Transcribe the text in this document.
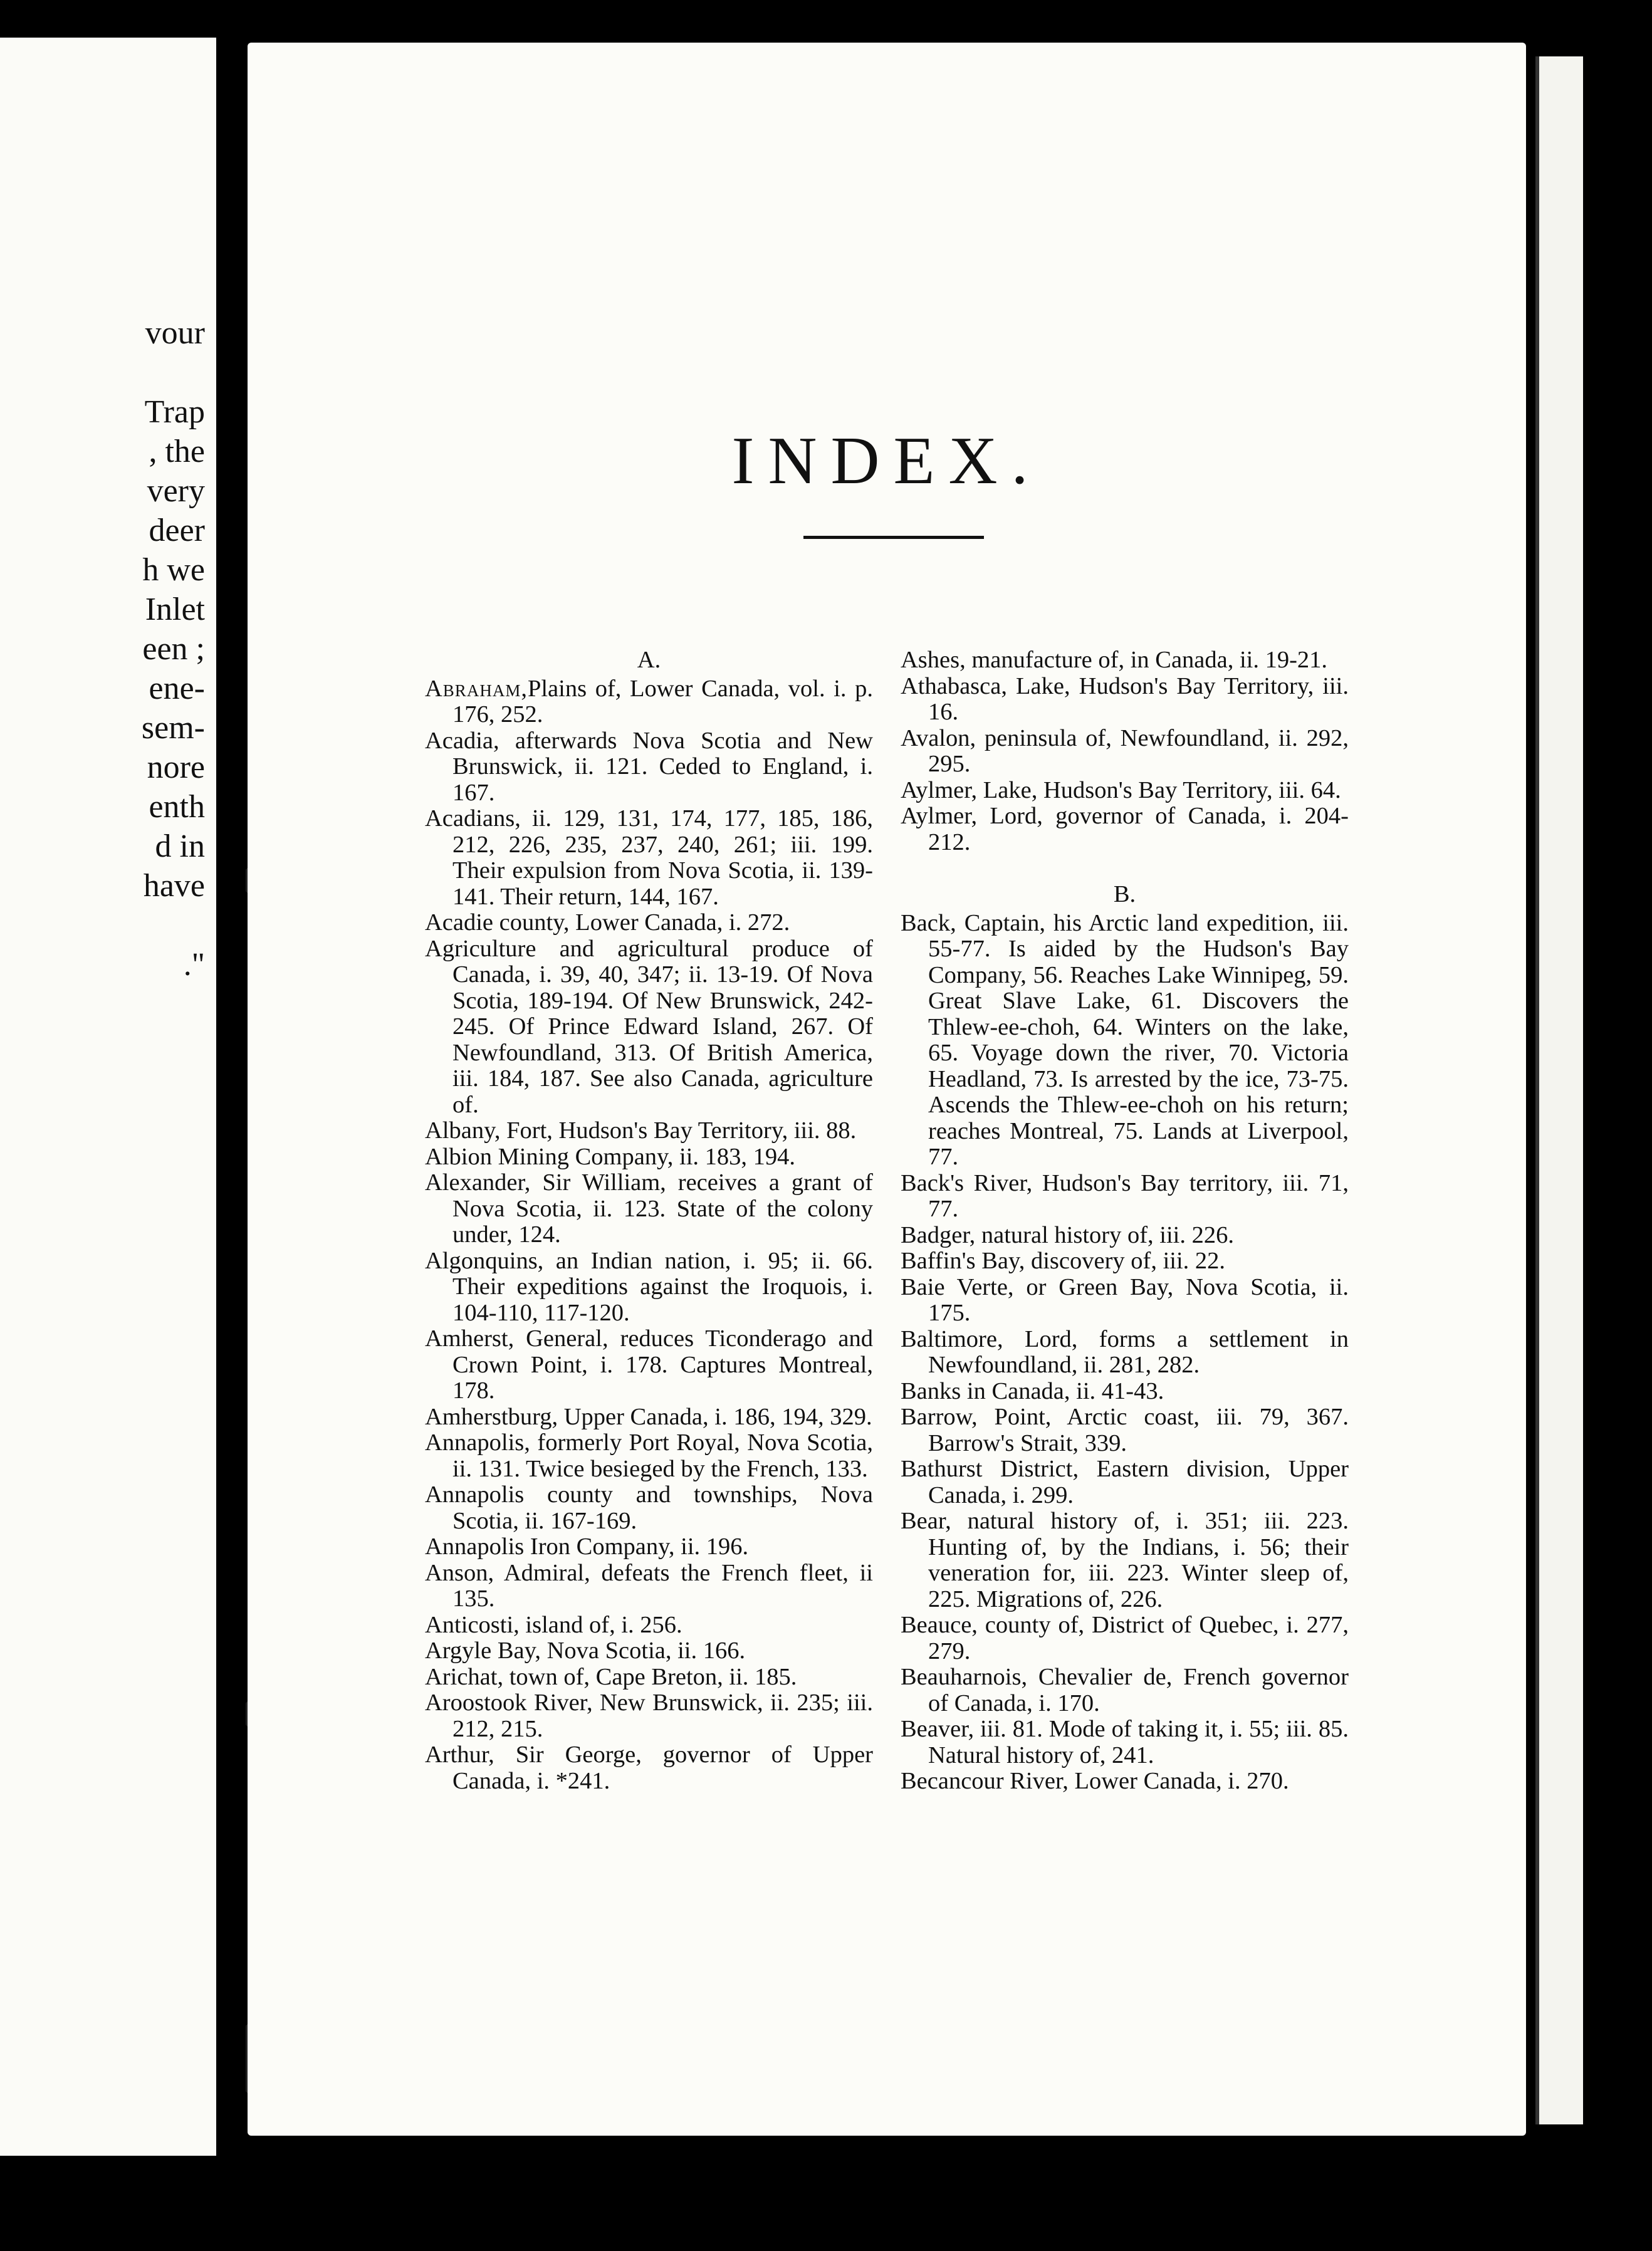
vour

Trap
, the
very
deer
h we
Inlet
een ;
ene-
sem-
nore
enth
d in
have

."
INDEX.
A.
Abraham,Plains of, Lower Canada, vol. i. p. 176, 252.
Acadia, afterwards Nova Scotia and New Brunswick, ii. 121. Ceded to England, i. 167.
Acadians, ii. 129, 131, 174, 177, 185, 186, 212, 226, 235, 237, 240, 261; iii. 199. Their expulsion from Nova Scotia, ii. 139-141. Their return, 144, 167.
Acadie county, Lower Canada, i. 272.
Agriculture and agricultural produce of Canada, i. 39, 40, 347; ii. 13-19. Of Nova Scotia, 189-194. Of New Brunswick, 242-245. Of Prince Edward Island, 267. Of Newfoundland, 313. Of British America, iii. 184, 187. See also Canada, agriculture of.
Albany, Fort, Hudson's Bay Territory, iii. 88.
Albion Mining Company, ii. 183, 194.
Alexander, Sir William, receives a grant of Nova Scotia, ii. 123. State of the colony under, 124.
Algonquins, an Indian nation, i. 95; ii. 66. Their expeditions against the Iroquois, i. 104-110, 117-120.
Amherst, General, reduces Ticonderago and Crown Point, i. 178. Captures Montreal, 178.
Amherstburg, Upper Canada, i. 186, 194, 329.
Annapolis, formerly Port Royal, Nova Scotia, ii. 131. Twice besieged by the French, 133.
Annapolis county and townships, Nova Scotia, ii. 167-169.
Annapolis Iron Company, ii. 196.
Anson, Admiral, defeats the French fleet, ii 135.
Anticosti, island of, i. 256.
Argyle Bay, Nova Scotia, ii. 166.
Arichat, town of, Cape Breton, ii. 185.
Aroostook River, New Brunswick, ii. 235; iii. 212, 215.
Arthur, Sir George, governor of Upper Canada, i. *241.
Ashes, manufacture of, in Canada, ii. 19-21.
Athabasca, Lake, Hudson's Bay Territory, iii. 16.
Avalon, peninsula of, Newfoundland, ii. 292, 295.
Aylmer, Lake, Hudson's Bay Territory, iii. 64.
Aylmer, Lord, governor of Canada, i. 204-212.
B.
Back, Captain, his Arctic land expedition, iii. 55-77. Is aided by the Hudson's Bay Company, 56. Reaches Lake Winnipeg, 59. Great Slave Lake, 61. Discovers the Thlew-ee-choh, 64. Winters on the lake, 65. Voyage down the river, 70. Victoria Headland, 73. Is arrested by the ice, 73-75. Ascends the Thlew-ee-choh on his return; reaches Montreal, 75. Lands at Liverpool, 77.
Back's River, Hudson's Bay territory, iii. 71, 77.
Badger, natural history of, iii. 226.
Baffin's Bay, discovery of, iii. 22.
Baie Verte, or Green Bay, Nova Scotia, ii. 175.
Baltimore, Lord, forms a settlement in Newfoundland, ii. 281, 282.
Banks in Canada, ii. 41-43.
Barrow, Point, Arctic coast, iii. 79, 367. Barrow's Strait, 339.
Bathurst District, Eastern division, Upper Canada, i. 299.
Bear, natural history of, i. 351; iii. 223. Hunting of, by the Indians, i. 56; their veneration for, iii. 223. Winter sleep of, 225. Migrations of, 226.
Beauce, county of, District of Quebec, i. 277, 279.
Beauharnois, Chevalier de, French governor of Canada, i. 170.
Beaver, iii. 81. Mode of taking it, i. 55; iii. 85. Natural history of, 241.
Becancour River, Lower Canada, i. 270.
